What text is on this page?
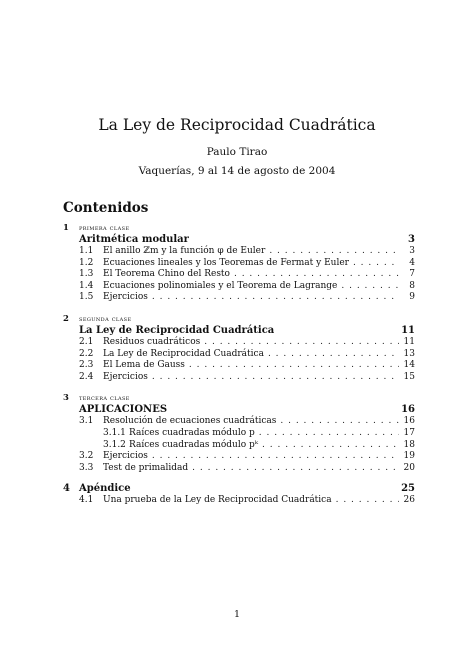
La Ley de Reciprocidad Cuadrática
Paulo Tirao
Vaquerías, 9 al 14 de agosto de 2004
Contenidos
1 primera clase
Aritmética modular	3
1.1	El anillo ℤm y la función φ de Euler . . .	3
1.2	Ecuaciones lineales y los Teoremas de Fermat y Euler . . .	4
1.3	El Teorema Chino del Resto . . .	7
1.4	Ecuaciones polinomiales y el Teorema de Lagrange . . .	8
1.5	Ejercicios . . .	9
2 segunda clase
La Ley de Reciprocidad Cuadrática	11
2.1	Residuos cuadráticos . . .	11
2.2	La Ley de Reciprocidad Cuadrática . . .	13
2.3	El Lema de Gauss . . .	14
2.4	Ejercicios . . .	15
3 tercera clase
APLICACIONES	16
3.1	Resolución de ecuaciones cuadráticas . . .	16
3.1.1 Raíces cuadradas módulo p . . .	17
3.1.2 Raíces cuadradas módulo pᵏ . . .	18
3.2	Ejercicios . . .	19
3.3	Test de primalidad . . .	20
4 Apéndice	25
4.1	Una prueba de la Ley de Reciprocidad Cuadrática . . .	26
1
